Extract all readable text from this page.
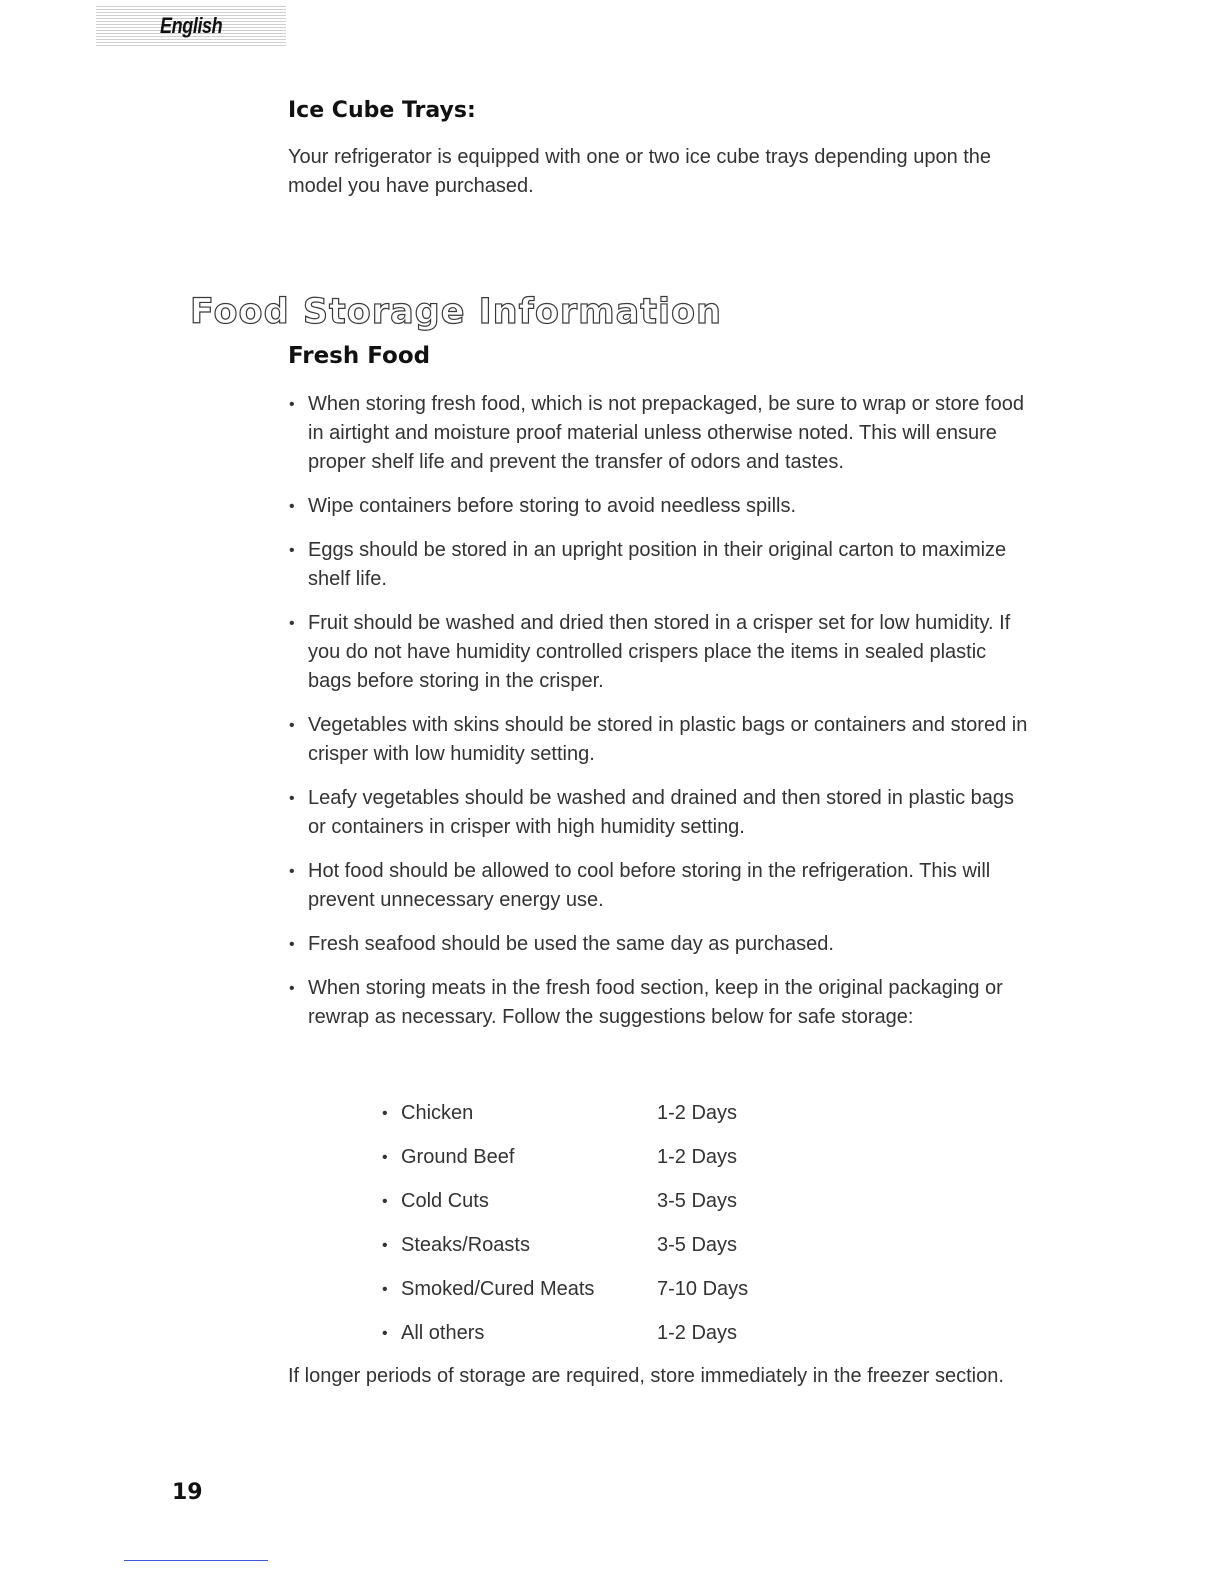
English
Ice Cube Trays:

Your refrigerator is equipped with one or two ice cube trays depending upon the model you have purchased.

Food Storage Information
Fresh Food
• When storing fresh food, which is not prepackaged, be sure to wrap or store food in airtight and moisture proof material unless otherwise noted. This will ensure proper shelf life and prevent the transfer of odors and tastes.
• Wipe containers before storing to avoid needless spills.
• Eggs should be stored in an upright position in their original carton to maximize shelf life.
• Fruit should be washed and dried then stored in a crisper set for low humidity. If you do not have humidity controlled crispers place the items in sealed plastic bags before storing in the crisper.
• Vegetables with skins should be stored in plastic bags or containers and stored in crisper with low humidity setting.
• Leafy vegetables should be washed and drained and then stored in plastic bags or containers in crisper with high humidity setting.
• Hot food should be allowed to cool before storing in the refrigeration. This will prevent unnecessary energy use.
• Fresh seafood should be used the same day as purchased.
• When storing meats in the fresh food section, keep in the original packaging or rewrap as necessary. Follow the suggestions below for safe storage:
• Chicken	1-2 Days
• Ground Beef	1-2 Days
• Cold Cuts	3-5 Days
• Steaks/Roasts	3-5 Days
• Smoked/Cured Meats	7-10 Days
• All others	1-2 Days

If longer periods of storage are required, store immediately in the freezer section.

19
